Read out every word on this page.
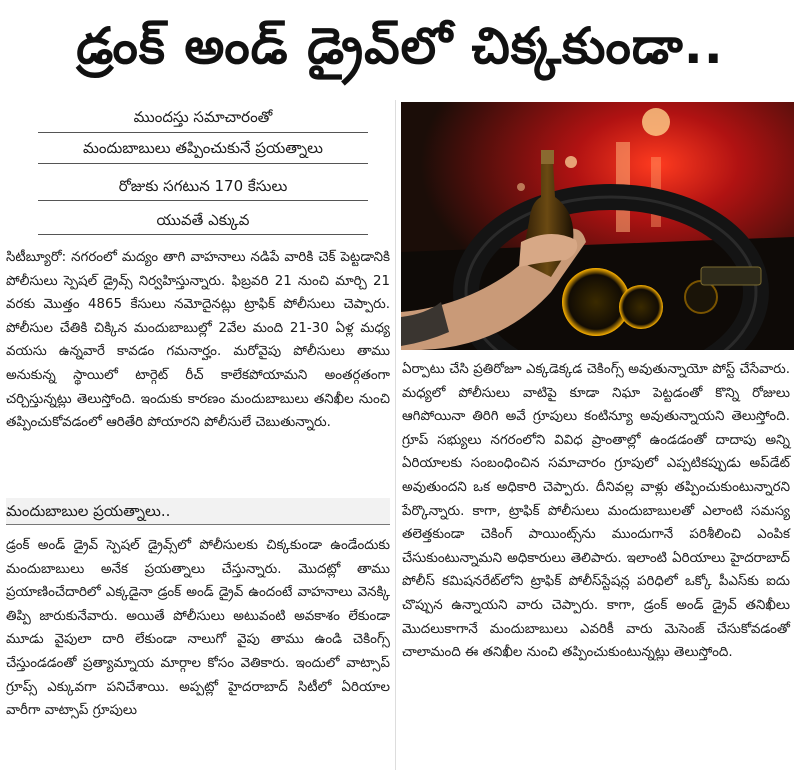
డ్రంక్ అండ్ డ్రైవ్‌లో చిక్కకుండా..
ముందస్తు సమాచారంతో
మందుబాబులు తప్పించుకునే ప్రయత్నాలు
రోజుకు సగటున 170 కేసులు
యువతే ఎక్కువ
సిటీబ్యూరో: నగరంలో మద్యం తాగి వాహనాలు నడిపే వారికి చెక్ పెట్టడానికి పోలీసులు స్పెషల్ డ్రైవ్స్ నిర్వహిస్తున్నారు. ఫిబ్రవరి 21 నుంచి మార్చి 21 వరకు మొత్తం 4865 కేసులు నమోదైనట్లు ట్రాఫిక్ పోలీసులు చెప్పారు. పోలీసుల చేతికి చిక్కిన మందుబాబుల్లో 2వేల మంది 21-30 ఏళ్ల మధ్య వయసు ఉన్నవారే కావడం గమనార్హం. మరోవైపు పోలీసులు తాము అనుకున్న స్థాయిలో టార్గెట్ రీచ్ కాలేకపోయామని అంతర్గతంగా చర్చిస్తున్నట్లు తెలుస్తోంది. ఇందుకు కారణం మందుబాబులు తనిఖీల నుంచి తప్పించుకోవడంలో ఆరితేరి పోయారని పోలీసులే చెబుతున్నారు.
మందుబాబుల ప్రయత్నాలు..
డ్రంక్ అండ్ డ్రైవ్ స్పెషల్ డ్రైవ్స్‌లో పోలీసులకు చిక్కకుండా ఉండేందుకు మందుబాబులు అనేక ప్రయత్నాలు చేస్తున్నారు. మొదట్లో తాము ప్రయాణించేదారిలో ఎక్కడైనా డ్రంక్ అండ్ డ్రైవ్ ఉందంటే వాహనాలు వెనక్కి తిప్పి జారుకునేవారు. అయితే పోలీసులు అటువంటి అవకాశం లేకుండా మూడు వైపులా దారి లేకుండా నాలుగో వైపు తాము ఉండి చెకింగ్స్ చేస్తుండడంతో ప్రత్యామ్నాయ మార్గాల కోసం వెతికారు. ఇందులో వాట్సాప్ గ్రూప్స్ ఎక్కువగా పనిచేశాయి. అప్పట్లో హైదరాబాద్ సిటీలో ఏరియాల వారీగా వాట్సాప్ గ్రూపులు
ఏర్పాటు చేసి ప్రతిరోజూ ఎక్కడెక్కడ చెకింగ్స్ అవుతున్నాయో పోస్ట్ చేసేవారు. మధ్యలో పోలీసులు వాటిపై కూడా నిఘా పెట్టడంతో కొన్ని రోజులు ఆగిపోయినా తిరిగి అవే గ్రూపులు కంటిన్యూ అవుతున్నాయని తెలుస్తోంది. గ్రూప్ సభ్యులు నగరంలోని వివిధ ప్రాంతాల్లో ఉండడంతో దాదాపు అన్ని ఏరియాలకు సంబంధించిన సమాచారం గ్రూపులో ఎప్పటికప్పుడు అప్‌డేట్ అవుతుందని ఒక అధికారి చెప్పారు. దీనివల్ల వాళ్లు తప్పించుకుంటున్నారని పేర్కొన్నారు. కాగా, ట్రాఫిక్ పోలీసులు మందుబాబులతో ఎలాంటి సమస్య తలెత్తకుండా చెకింగ్ పాయింట్స్‌ను ముందుగానే పరిశీలించి ఎంపిక చేసుకుంటున్నామని అధికారులు తెలిపారు. ఇలాంటి ఏరియాలు హైదరాబాద్ పోలీస్ కమిషనరేట్‌లోని ట్రాఫిక్ పోలీస్‌స్టేషన్ల పరిధిలో ఒక్కో పీఎస్‌కు ఐదు చొప్పున ఉన్నాయని వారు చెప్పారు. కాగా, డ్రంక్ అండ్ డ్రైవ్ తనిఖీలు మొదలుకాగానే మందుబాబులు ఎవరికీ వారు మెసెంజ్ చేసుకోవడంతో చాలామంది ఈ తనిఖీల నుంచి తప్పించుకుంటున్నట్లు తెలుస్తోంది.
